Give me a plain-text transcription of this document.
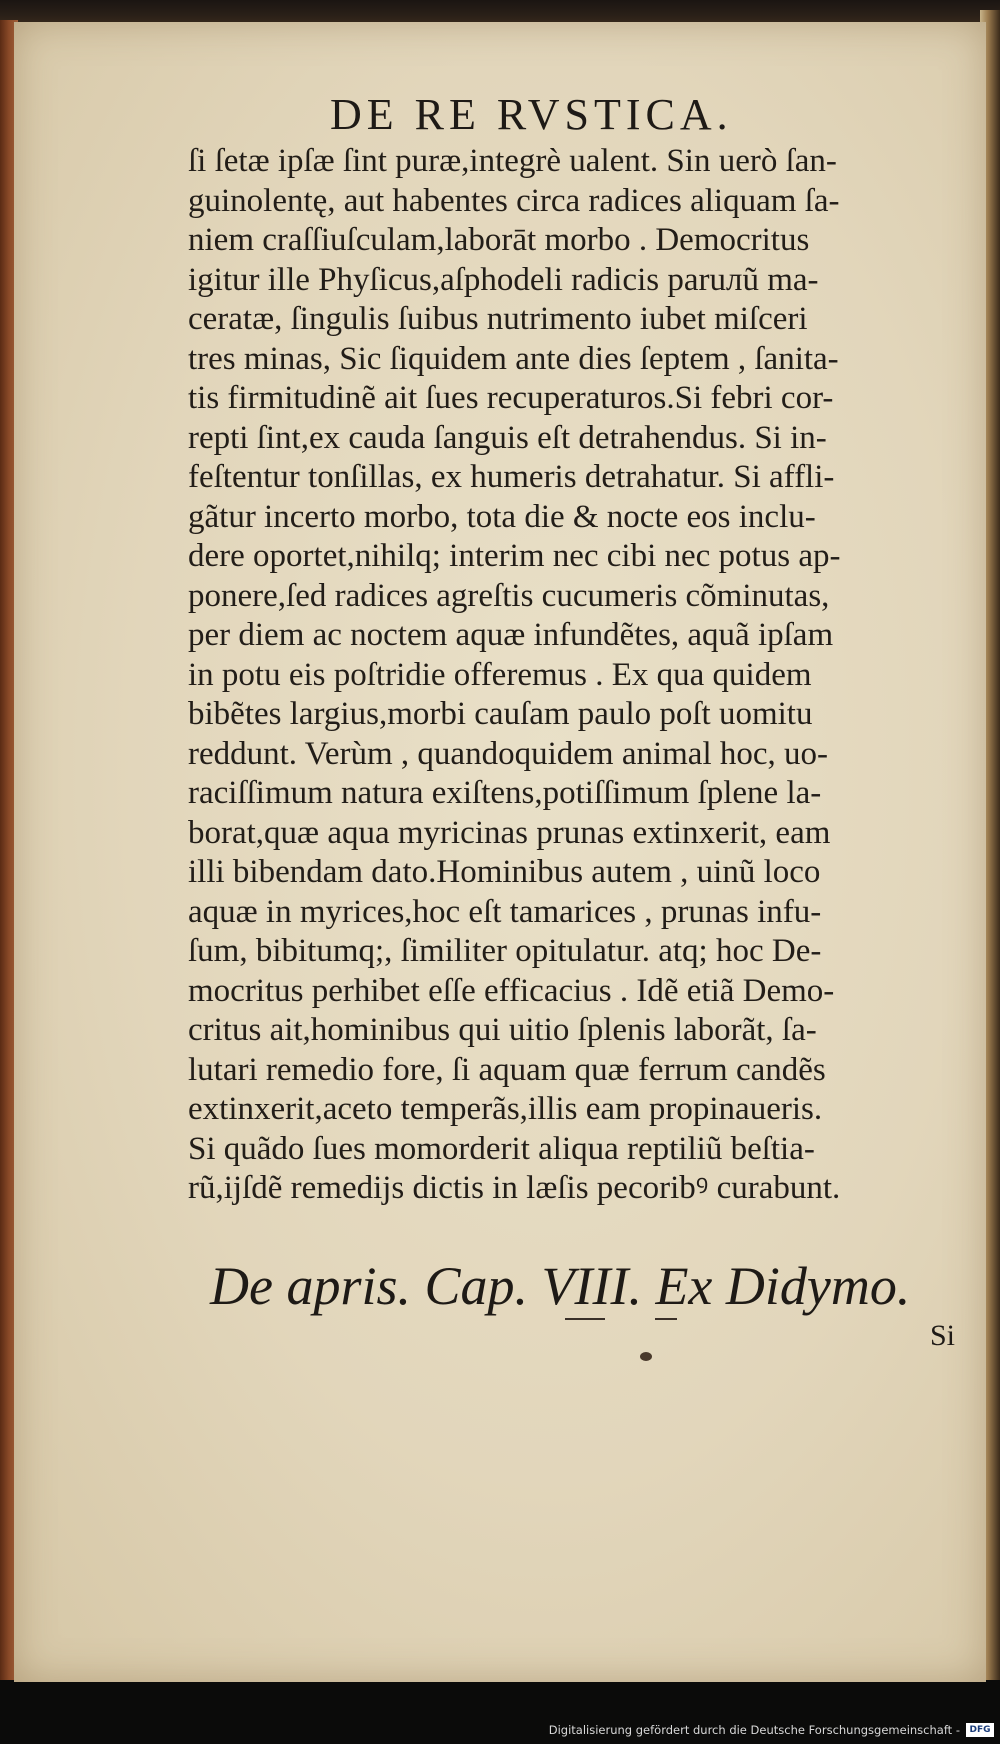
DE RE RVSTICA.
ſi ſetæ ipſæ ſint puræ,integrè ualent. Sin uerò ſan-
guinolentę, aut habentes circa radices aliquam ſa-
niem craſſiuſculam,laborāt morbo . Democritus
igitur ille Phyſicus,aſphodeli radicis paruлũ ma-
ceratæ, ſingulis ſuibus nutrimento iubet miſceri
tres minas, Sic ſiquidem ante dies ſeptem , ſanita-
tis firmitudinẽ ait ſues recuperaturos.Si febri cor-
repti ſint,ex cauda ſanguis eſt detrahendus. Si in-
feſtentur tonſillas, ex humeris detrahatur. Si affli-
gãtur incerto morbo, tota die & nocte eos inclu-
dere oportet,nihilq; interim nec cibi nec potus ap-
ponere,ſed radices agreſtis cucumeris cõminutas,
per diem ac noctem aquæ infundẽtes, aquã ipſam
in potu eis poſtridie offeremus . Ex qua quidem
bibẽtes largius,morbi cauſam paulo poſt uomitu
reddunt. Verùm , quandoquidem animal hoc, uo-
raciſſimum natura exiſtens,potiſſimum ſplene la-
borat,quæ aqua myricinas prunas extinxerit, eam
illi bibendam dato.Hominibus autem , uinũ loco
aquæ in myrices,hoc eſt tamarices , prunas infu-
ſum, bibitumq;, ſimiliter opitulatur. atq; hoc De-
mocritus perhibet eſſe efficacius . Idẽ etiã Demo-
critus ait,hominibus qui uitio ſplenis laborãt, ſa-
lutari remedio fore, ſi aquam quæ ferrum candẽs
extinxerit,aceto temperãs,illis eam propinaueris.
Si quãdo ſues momorderit aliqua reptiliũ beſtia-
rũ,ijſdẽ remedijs dictis in læſis pecoribꝰ curabunt.
De apris. Cap. VIII. Ex Didymo.
Si
Digitalisierung gefördert durch die Deutsche Forschungsgemeinschaft -	DFG
